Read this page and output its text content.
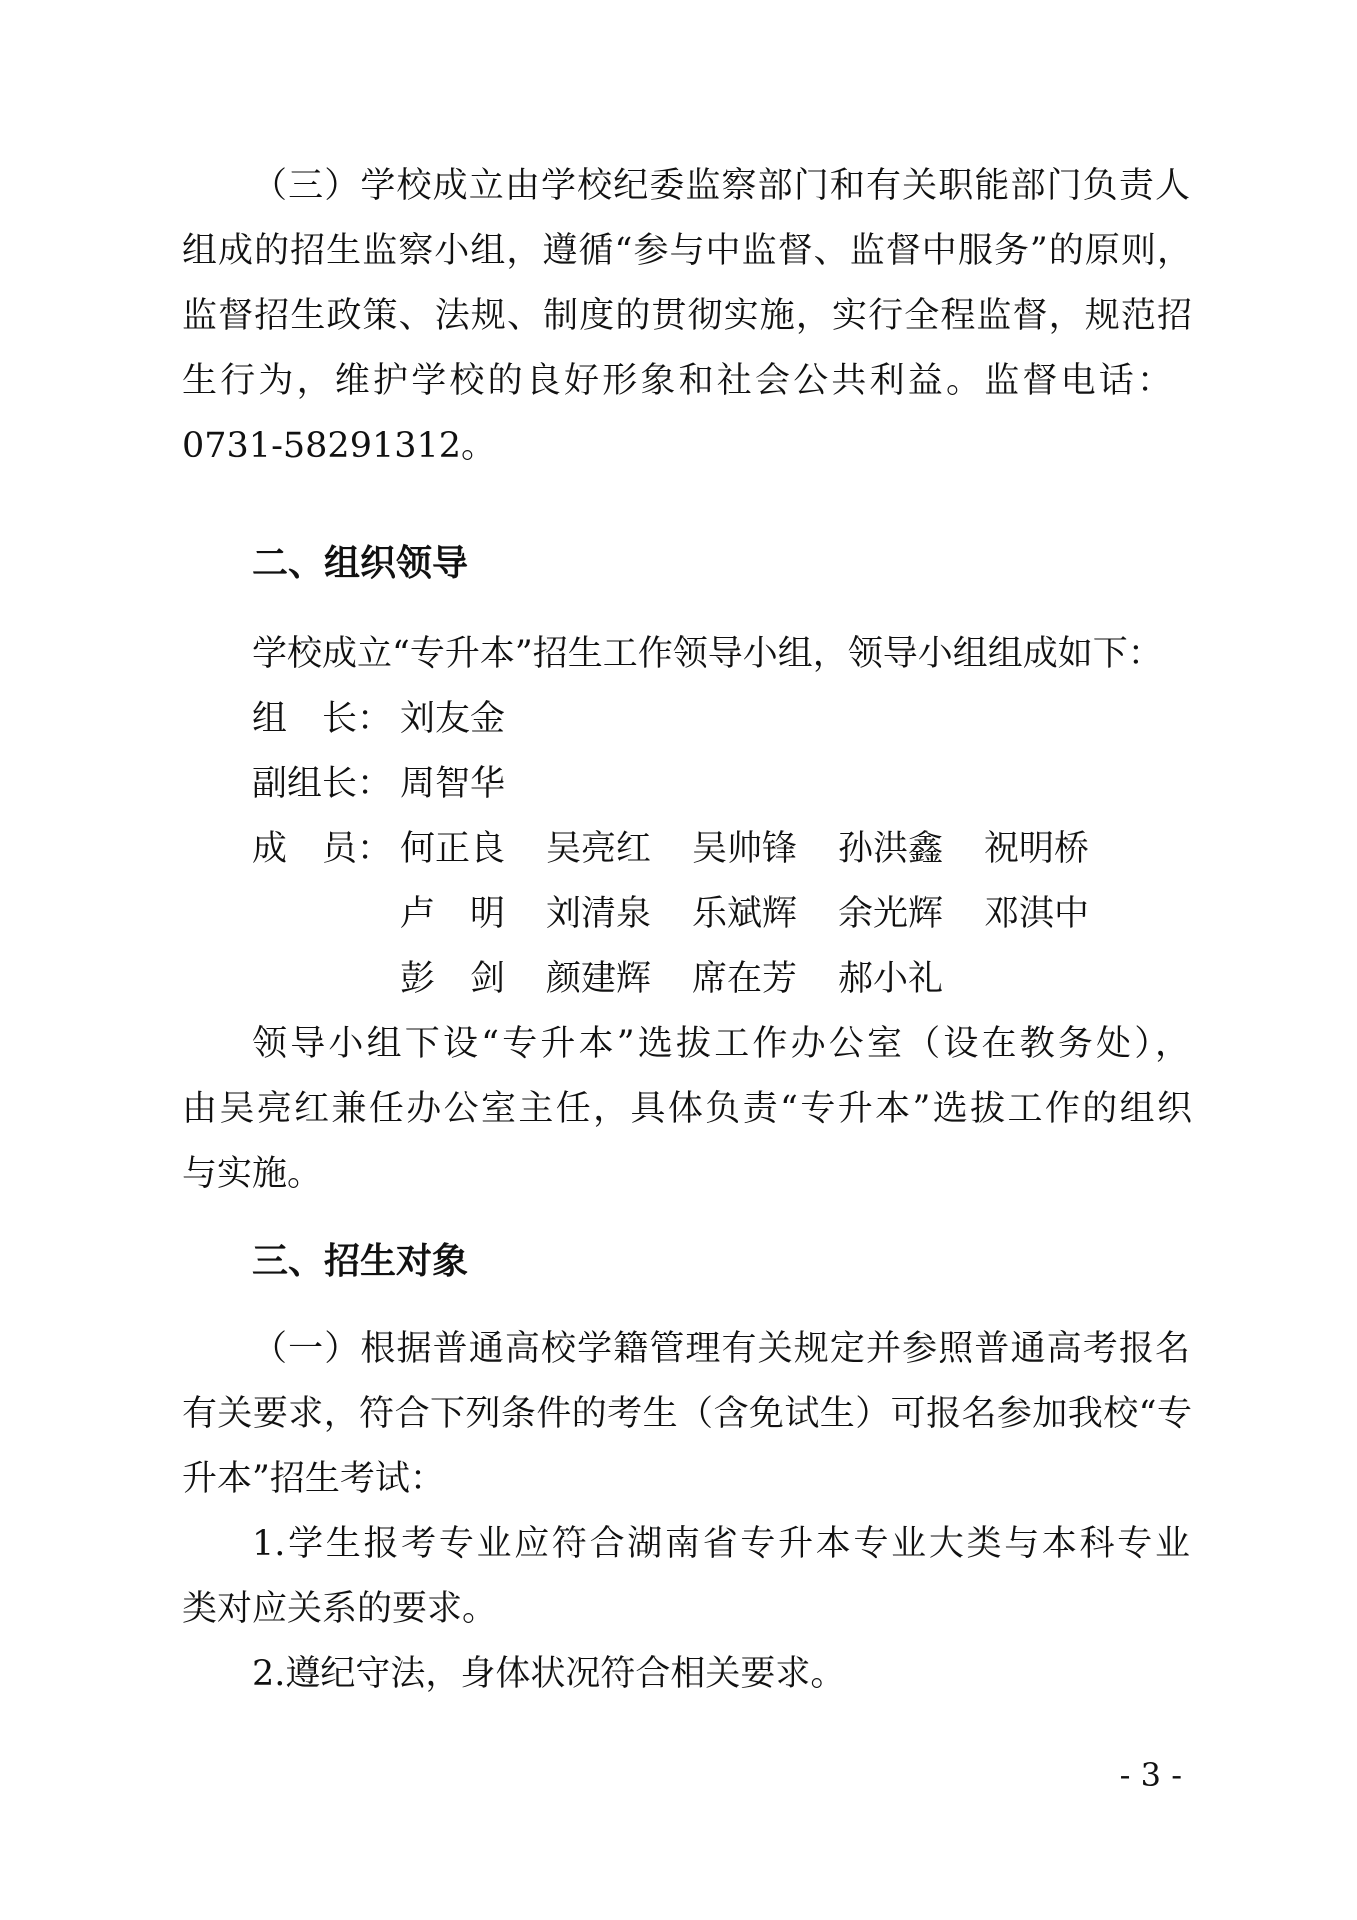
（三）学校成立由学校纪委监察部门和有关职能部门负责人
组成的招生监察小组，遵循“参与中监督、监督中服务”的原则，
监督招生政策、法规、制度的贯彻实施，实行全程监督，规范招
生行为，维护学校的良好形象和社会公共利益。监督电话：
0731-58291312。
二、组织领导
学校成立“专升本”招生工作领导小组，领导小组组成如下：
组　长： 刘友金
副组长： 周智华
成　员： 何正良 吴亮红 吴帅锋 孙洪鑫 祝明桥
卢　明 刘清泉 乐斌辉 余光辉 邓淇中
彭　剑 颜建辉 席在芳 郝小礼
领导小组下设“专升本”选拔工作办公室（设在教务处），
由吴亮红兼任办公室主任，具体负责“专升本”选拔工作的组织
与实施。
三、招生对象
（一）根据普通高校学籍管理有关规定并参照普通高考报名
有关要求，符合下列条件的考生（含免试生）可报名参加我校“专
升本”招生考试：
1.学生报考专业应符合湖南省专升本专业大类与本科专业
类对应关系的要求。
2.遵纪守法，身体状况符合相关要求。
- 3 -
